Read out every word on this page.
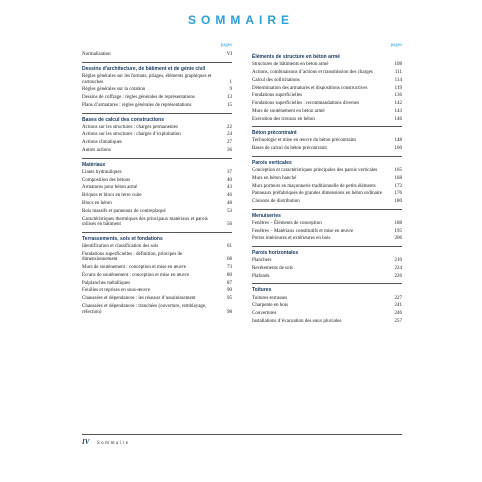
SOMMAIRE
pages
Normalisation	VI
Dessins d’architecture, de bâtiment et de génie civil
Règles générales sur les formats, pliages, éléments graphiques et cartouches	1
Règles générales sur la cotation	9
Dessins de coffrage : règles générales de représentations	13
Plans d’armatures : règles générales de représentations	15
Bases de calcul des constructions
Actions sur les structures : charges permanentes	22
Actions sur les structures : charges d’exploitation	24
Actions climatiques	27
Autres actions	36
Matériaux
Liants hydrauliques	37
Composition des bétons	40
Armatures pour béton armé	43
Briques et blocs en terre cuite	46
Blocs en béton	48
Bois massifs et panneaux de contreplaqué	53
Caractéristiques thermiques des principaux matériaux et parois utilisés en bâtiment	56
Terrassements, sols et fondations
Identification et classification des sols	61
Fondations superficielles : définition, principes de dimensionnement	68
Murs de soutènement : conception et mise en œuvre	73
Écrans de soutènement : conception et mise en œuvre	80
Palplanches métalliques	87
Fouilles et reprises en sous-œuvre	90
Chaussées et dépendances : les réseaux d’assainissement	95
Chaussées et dépendances : tranchées (ouverture, remblayage, réfection)	98
pages
Éléments de structure en béton armé
Structures de bâtiments en béton armé	108
Actions, combinaisons d’actions et transmission des charges	111
Calcul des sollicitations	114
Détermination des armatures et dispositions constructives	119
Fondations superficielles	136
Fondations superficielles : recommandations diverses	142
Murs de soutènement en béton armé	143
Exécution des travaux en béton	146
Béton précontraint
Technologie et mise en œuvre du béton précontraint	148
Bases de calcul du béton précontraint	160
Parois verticales
Conception et caractéristiques principales des parois verticales	165
Murs en béton banché	168
Murs porteurs en maçonnerie traditionnelle de petits éléments	172
Panneaux préfabriqués de grandes dimensions en béton ordinaire 176
Cloisons de distribution	180
Menuiseries
Fenêtres – Éléments de conception	188
Fenêtres – Matériaux constitutifs et mise en œuvre	195
Portes intérieures et extérieures en bois	206
Parois horizontales
Planchers	210
Revêtements de sols	224
Plafonds	226
Toitures
Toitures-terrasses	227
Charpente en bois	241
Couvertures	246
Installations d’évacuation des eaux pluviales	257
IV Sommaire
